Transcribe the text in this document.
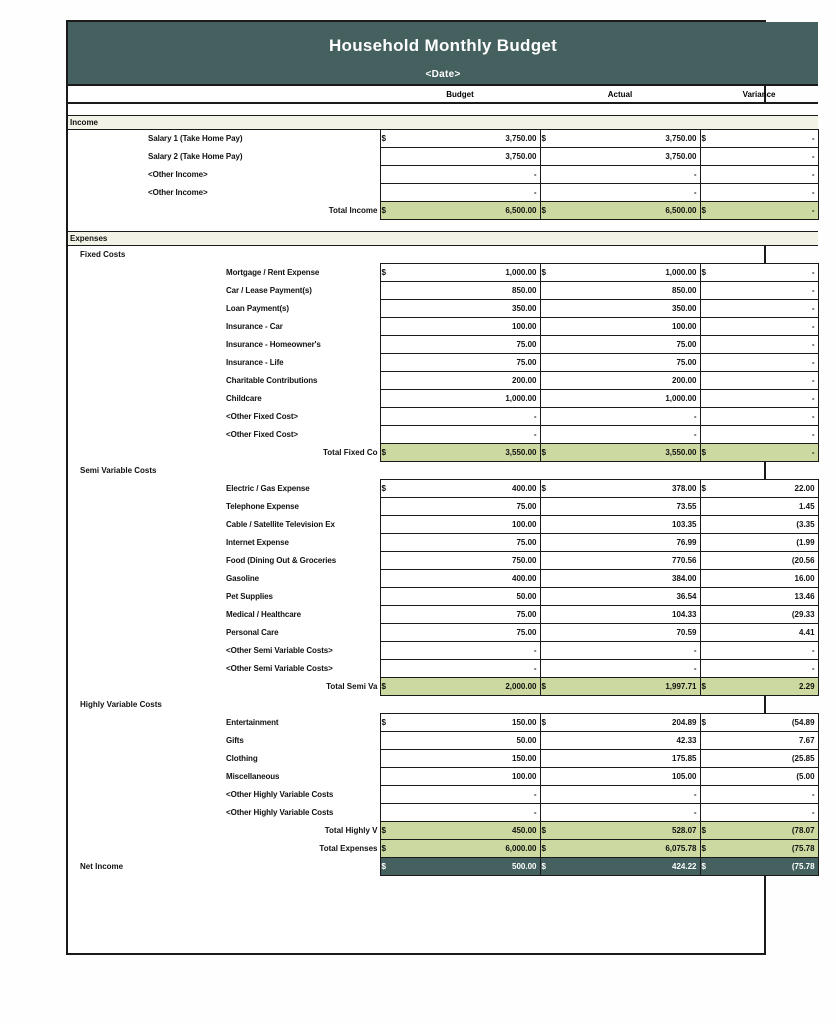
Household Monthly Budget									
<Date>									
				Budget		Actual		Variance	

Income									
		Salary 1 (Take Home Pay)		$	3,750.00	$	3,750.00	$	-
		Salary 2 (Take Home Pay)			3,750.00		3,750.00		-
		<Other Income>			-		-		-
		<Other Income>			-		-		-
		Total Income		$	6,500.00	$	6,500.00	$	-

Expenses									
	Fixed Costs								
			Mortgage / Rent Expense	$	1,000.00	$	1,000.00	$	-
			Car / Lease Payment(s)		850.00		850.00		-
			Loan Payment(s)		350.00		350.00		-
			Insurance - Car		100.00		100.00		-
			Insurance - Homeowner's		75.00		75.00		-
			Insurance - Life		75.00		75.00		-
			Charitable Contributions		200.00		200.00		-
			Childcare		1,000.00		1,000.00		-
			<Other Fixed Cost>		-		-		-
			<Other Fixed Cost>		-		-		-
			Total Fixed Co	$	3,550.00	$	3,550.00	$	-
	Semi Variable Costs								
			Electric / Gas Expense	$	400.00	$	378.00	$	22.00
			Telephone Expense		75.00		73.55		1.45
			Cable / Satellite Television Ex		100.00		103.35		(3.35
			Internet Expense		75.00		76.99		(1.99
			Food (Dining Out & Groceries		750.00		770.56		(20.56
			Gasoline		400.00		384.00		16.00
			Pet Supplies		50.00		36.54		13.46
			Medical / Healthcare		75.00		104.33		(29.33
			Personal Care		75.00		70.59		4.41
			<Other Semi Variable Costs>		-		-		-
			<Other Semi Variable Costs>		-		-		-
			Total Semi Va	$	2,000.00	$	1,997.71	$	2.29
	Highly Variable Costs								
			Entertainment	$	150.00	$	204.89	$	(54.89
			Gifts		50.00		42.33		7.67
			Clothing		150.00		175.85		(25.85
			Miscellaneous		100.00		105.00		(5.00
			<Other Highly Variable Costs		-		-		-
			<Other Highly Variable Costs		-		-		-
			Total Highly V	$	450.00	$	528.07	$	(78.07
			Total Expenses	$	6,000.00	$	6,075.78	$	(75.78
	Net Income			$	500.00	$	424.22	$	(75.78
